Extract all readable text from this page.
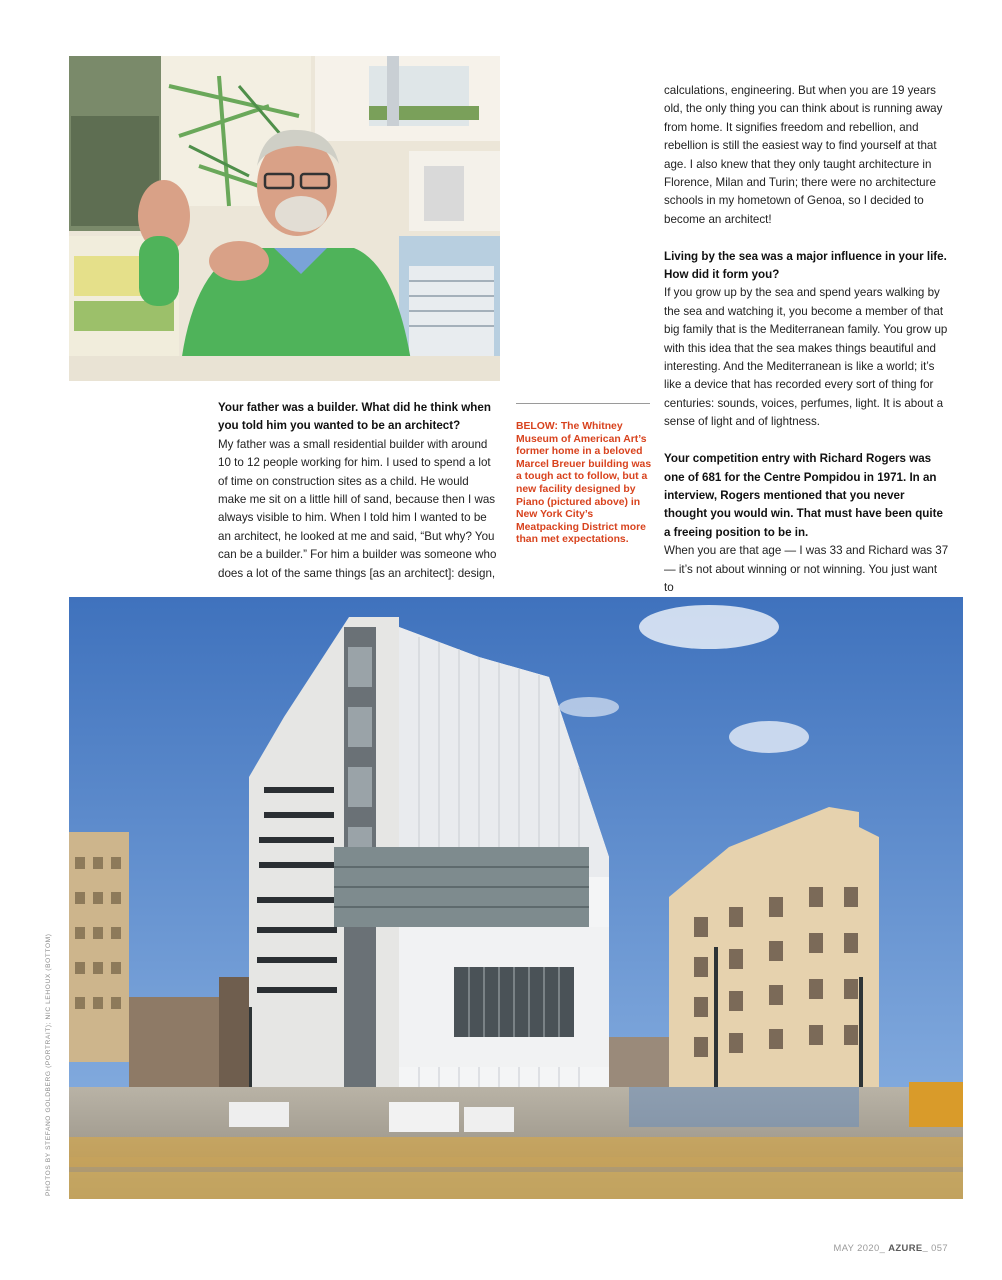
Your father was a builder. What did he think when you told him you wanted to be an architect?

My father was a small residential builder with around 10 to 12 people working for him. I used to spend a lot of time on construction sites as a child. He would make me sit on a little hill of sand, because then I was always visible to him. When I told him I wanted to be an architect, he looked at me and said, “But why? You can be a builder.” For him a builder was someone who does a lot of the same things [as an architect]: design,

BELOW: The Whitney Museum of American Art’s former home in a beloved Marcel Breuer building was a tough act to follow, but a new facility designed by Piano (pictured above) in New York City’s Meatpacking District more than met expectations.

calculations, engineering. But when you are 19 years old, the only thing you can think about is running away from home. It signifies freedom and rebellion, and rebellion is still the easiest way to find yourself at that age. I also knew that they only taught architecture in Florence, Milan and Turin; there were no architecture schools in my hometown of Genoa, so I decided to become an architect!

Living by the sea was a major influence in your life. How did it form you?

If you grow up by the sea and spend years walking by the sea and watching it, you become a member of that big family that is the Mediterranean family. You grow up with this idea that the sea makes things beautiful and interesting. And the Mediterranean is like a world; it’s like a device that has recorded every sort of thing for centuries: sounds, voices, perfumes, light. It is about a sense of light and of lightness.

Your competition entry with Richard Rogers was one of 681 for the Centre Pompidou in 1971. In an interview, Rogers mentioned that you never thought you would win. That must have been quite a freeing position to be in.

When you are that age — I was 33 and Richard was 37 — it’s not about winning or not winning. You just want to

PHOTOS BY STEFANO GOLDBERG (PORTRAIT); NIC LEHOUX (BOTTOM)
MAY 2020_ AZURE_ 057
